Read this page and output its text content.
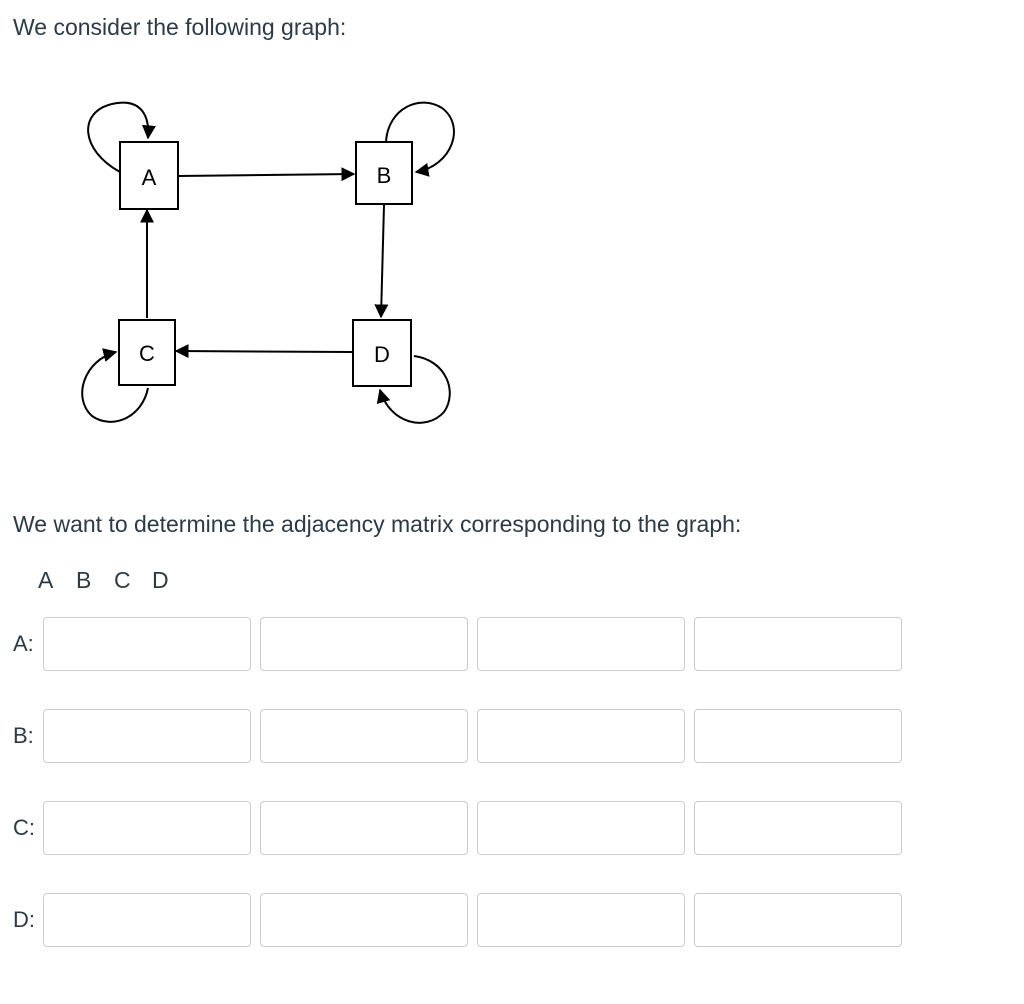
We consider the following graph:

A	B
C	D

We want to determine the adjacency matrix corresponding to the graph:

A B C D
A:
B:
C:
D:
